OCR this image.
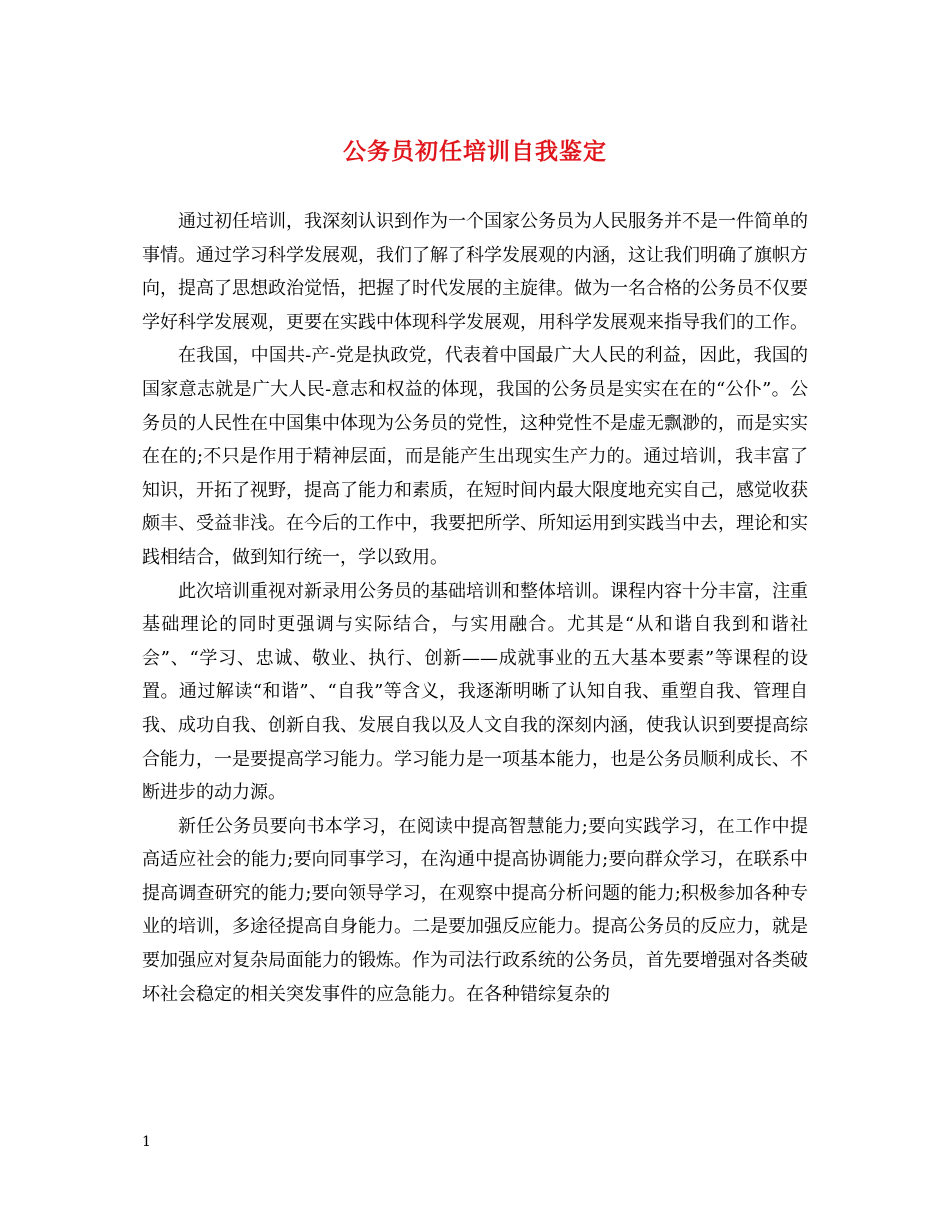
公务员初任培训自我鉴定

通过初任培训，我深刻认识到作为一个国家公务员为人民服务并不是一件简单的事情。通过学习科学发展观，我们了解了科学发展观的内涵，这让我们明确了旗帜方向，提高了思想政治觉悟，把握了时代发展的主旋律。做为一名合格的公务员不仅要学好科学发展观，更要在实践中体现科学发展观，用科学发展观来指导我们的工作。

在我国，中国共-产-党是执政党，代表着中国最广大人民的利益，因此，我国的国家意志就是广大人民-意志和权益的体现，我国的公务员是实实在在的“公仆”。公务员的人民性在中国集中体现为公务员的党性，这种党性不是虚无飘渺的，而是实实在在的;不只是作用于精神层面，而是能产生出现实生产力的。通过培训，我丰富了知识，开拓了视野，提高了能力和素质，在短时间内最大限度地充实自己，感觉收获颇丰、受益非浅。在今后的工作中，我要把所学、所知运用到实践当中去，理论和实践相结合，做到知行统一，学以致用。

此次培训重视对新录用公务员的基础培训和整体培训。课程内容十分丰富，注重基础理论的同时更强调与实际结合，与实用融合。尤其是“从和谐自我到和谐社会”、“学习、忠诚、敬业、执行、创新——成就事业的五大基本要素”等课程的设置。通过解读“和谐”、“自我”等含义，我逐渐明晰了认知自我、重塑自我、管理自我、成功自我、创新自我、发展自我以及人文自我的深刻内涵，使我认识到要提高综合能力，一是要提高学习能力。学习能力是一项基本能力，也是公务员顺利成长、不断进步的动力源。

新任公务员要向书本学习，在阅读中提高智慧能力;要向实践学习，在工作中提高适应社会的能力;要向同事学习，在沟通中提高协调能力;要向群众学习，在联系中提高调查研究的能力;要向领导学习，在观察中提高分析问题的能力;积极参加各种专业的培训，多途径提高自身能力。二是要加强反应能力。提高公务员的反应力，就是要加强应对复杂局面能力的锻炼。作为司法行政系统的公务员，首先要增强对各类破坏社会稳定的相关突发事件的应急能力。在各种错综复杂的

1
